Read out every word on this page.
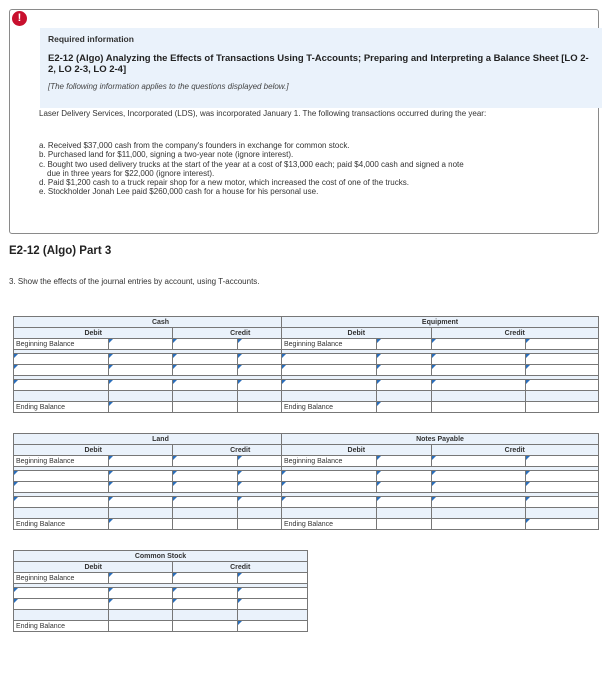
!

Required information

E2-12 (Algo) Analyzing the Effects of Transactions Using T-Accounts; Preparing and Interpreting a Balance Sheet [LO 2-2, LO 2-3, LO 2-4]

[The following information applies to the questions displayed below.]

Laser Delivery Services, Incorporated (LDS), was incorporated January 1. The following transactions occurred during the year:
a. Received $37,000 cash from the company's founders in exchange for common stock.
b. Purchased land for $11,000, signing a two-year note (ignore interest).
c. Bought two used delivery trucks at the start of the year at a cost of $13,000 each; paid $4,000 cash and signed a note
due in three years for $22,000 (ignore interest).
d. Paid $1,200 cash to a truck repair shop for a new motor, which increased the cost of one of the trucks.
e. Stockholder Jonah Lee paid $260,000 cash for a house for his personal use.
E2-12 (Algo) Part 3
3. Show the effects of the journal entries by account, using T-accounts.
Cash			
Debit		Credit	
Beginning Balance			

Ending Balance			
Equipment			
Debit		Credit	
Beginning Balance			

Ending Balance			
Land			
Debit		Credit	
Beginning Balance			

Ending Balance			
Notes Payable			
Debit		Credit	
Beginning Balance			

Ending Balance			
Common Stock			
Debit		Credit	
Beginning Balance			

Ending Balance			
